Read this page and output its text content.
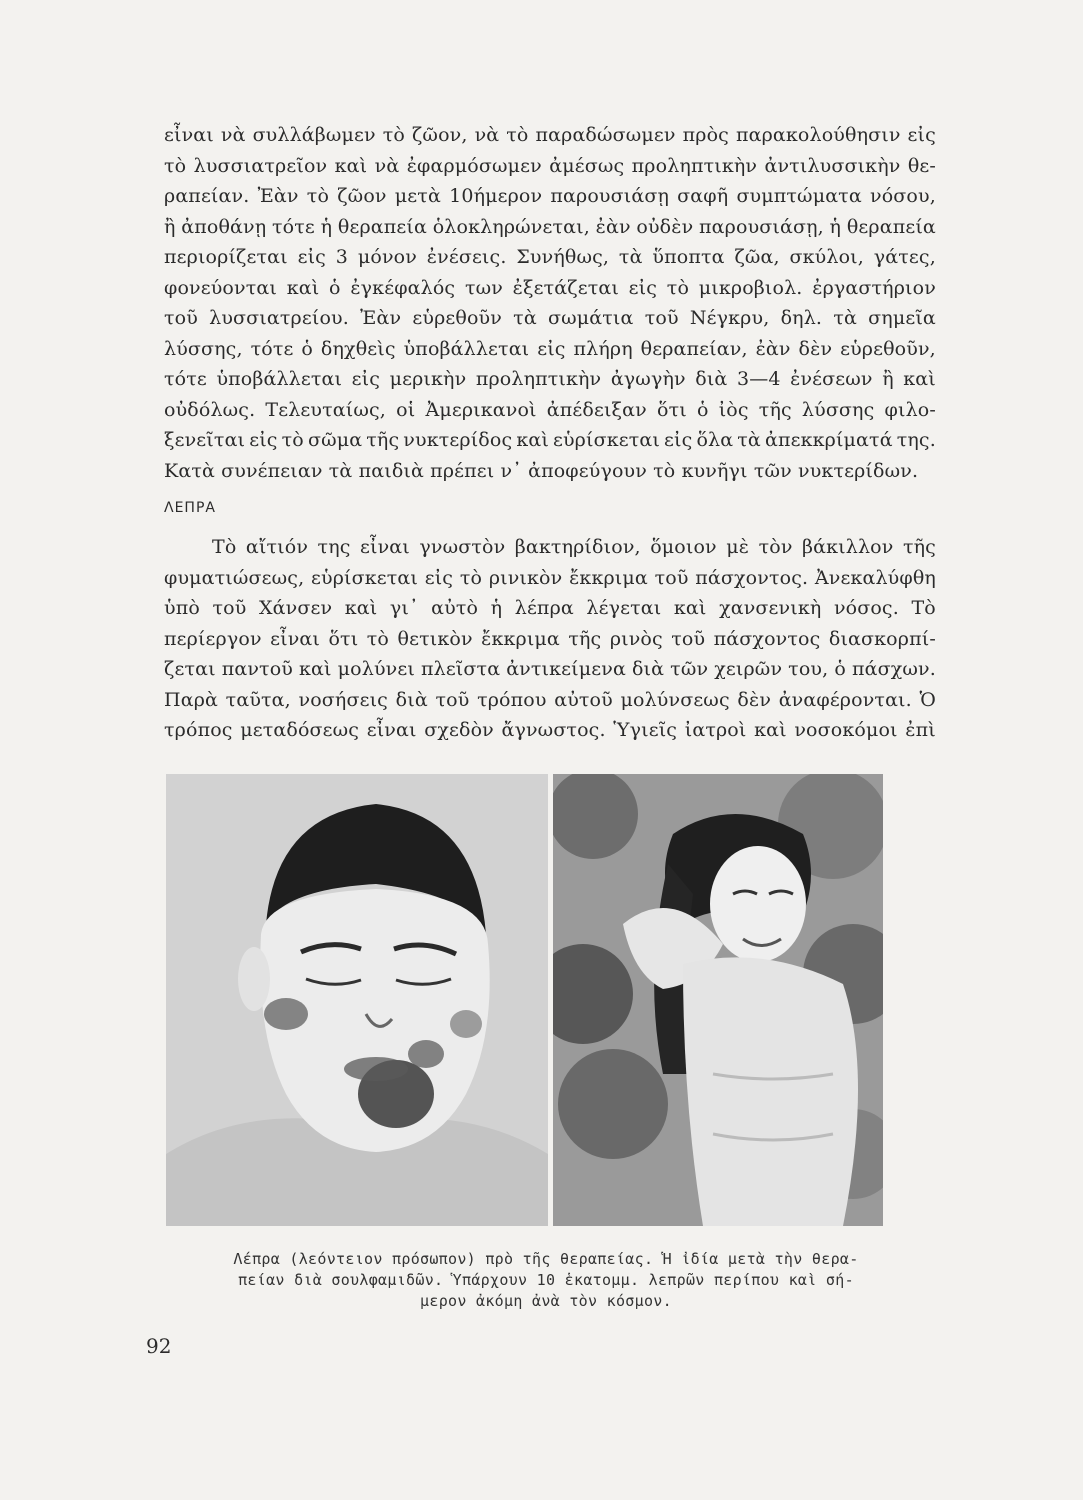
εἶναι νὰ συλλάβωμεν τὸ ζῶον, νὰ τὸ παραδώσωμεν πρὸς παρακολούθησιν εἰς
τὸ λυσσιατρεῖον καὶ νὰ ἐφαρμόσωμεν ἀμέσως προληπτικὴν ἀντιλυσσικὴν θε-
ραπείαν. Ἐὰν τὸ ζῶον μετὰ 10ήμερον παρουσιάσῃ σαφῆ συμπτώματα νόσου,
ἢ ἀποθάνῃ τότε ἡ θεραπεία ὁλοκληρώνεται, ἐὰν οὐδὲν παρουσιάσῃ, ἡ θεραπεία
περιορίζεται εἰς 3 μόνον ἐνέσεις. Συνήθως, τὰ ὕποπτα ζῶα, σκύλοι, γάτες,
φονεύονται καὶ ὁ ἐγκέφαλός των ἐξετάζεται εἰς τὸ μικροβιολ. ἐργαστήριον
τοῦ λυσσιατρείου. Ἐὰν εὑρεθοῦν τὰ σωμάτια τοῦ Νέγκρυ, δηλ. τὰ σημεῖα
λύσσης, τότε ὁ δηχθεὶς ὑποβάλλεται εἰς πλήρη θεραπείαν, ἐὰν δὲν εὑρεθοῦν,
τότε ὑποβάλλεται εἰς μερικὴν προληπτικὴν ἀγωγὴν διὰ 3—4 ἐνέσεων ἢ καὶ
οὐδόλως. Τελευταίως, οἱ Ἀμερικανοὶ ἀπέδειξαν ὅτι ὁ ἰὸς τῆς λύσσης φιλο-
ξενεῖται εἰς τὸ σῶμα τῆς νυκτερίδος καὶ εὑρίσκεται εἰς ὅλα τὰ ἀπεκκρίματά της.
Κατὰ συνέπειαν τὰ παιδιὰ πρέπει ν᾽ ἀποφεύγουν τὸ κυνῆγι τῶν νυκτερίδων.
ΛΕΠΡΑ
Τὸ αἴτιόν της εἶναι γνωστὸν βακτηρίδιον, ὅμοιον μὲ τὸν βάκιλλον τῆς
φυματιώσεως, εὑρίσκεται εἰς τὸ ρινικὸν ἔκκριμα τοῦ πάσχοντος. Ἀνεκαλύφθη
ὑπὸ τοῦ Χάνσεν καὶ γι᾽ αὐτὸ ἡ λέπρα λέγεται καὶ χανσενικὴ νόσος. Τὸ
περίεργον εἶναι ὅτι τὸ θετικὸν ἔκκριμα τῆς ρινὸς τοῦ πάσχοντος διασκορπί-
ζεται παντοῦ καὶ μολύνει πλεῖστα ἀντικείμενα διὰ τῶν χειρῶν του, ὁ πάσχων.
Παρὰ ταῦτα, νοσήσεις διὰ τοῦ τρόπου αὐτοῦ μολύνσεως δὲν ἀναφέρονται. Ὁ
τρόπος μεταδόσεως εἶναι σχεδὸν ἄγνωστος. Ὑγιεῖς ἰατροὶ καὶ νοσοκόμοι ἐπὶ
Λέπρα (λεόντειον πρόσωπον) πρὸ τῆς θεραπείας. Ἡ ἰδία μετὰ τὴν θερα-
πείαν διὰ σουλφαμιδῶν. Ὑπάρχουν 10 ἑκατομμ. λεπρῶν περίπου καὶ σή-
μερον ἀκόμη ἀνὰ τὸν κόσμον.
92
